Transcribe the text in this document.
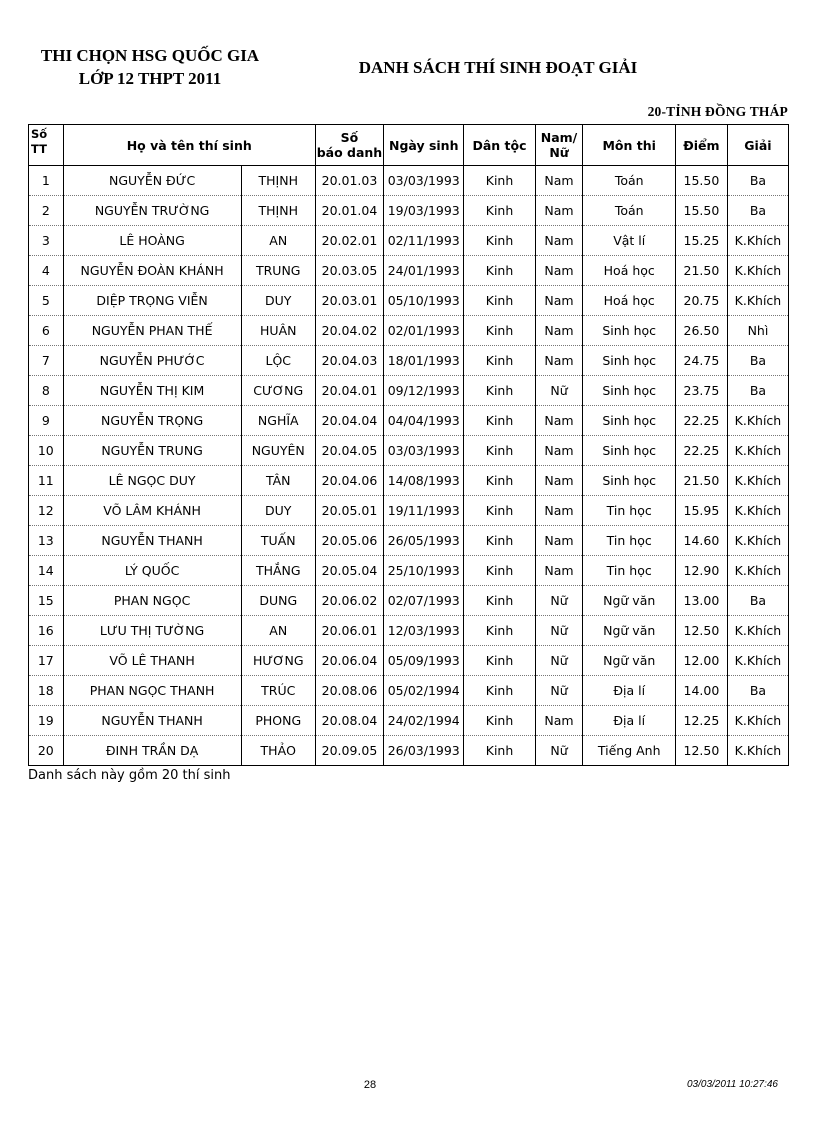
THI CHỌN HSG QUỐC GIA
LỚP 12 THPT 2011
DANH SÁCH THÍ SINH ĐOẠT GIẢI
20-TỈNH ĐỒNG THÁP
Số TT	Họ và tên thí sinh		Số
báo danh	Ngày sinh	Dân tộc	Nam/
Nữ	Môn thi	Điểm	Giải
1	NGUYỄN ĐỨC	THỊNH	20.01.03	03/03/1993	Kinh	Nam	Toán	15.50	Ba
2	NGUYỄN TRƯỜNG	THỊNH	20.01.04	19/03/1993	Kinh	Nam	Toán	15.50	Ba
3	LÊ HOÀNG	AN	20.02.01	02/11/1993	Kinh	Nam	Vật lí	15.25	K.Khích
4	NGUYỄN ĐOÀN KHÁNH	TRUNG	20.03.05	24/01/1993	Kinh	Nam	Hoá học	21.50	K.Khích
5	DIỆP TRỌNG VIỄN	DUY	20.03.01	05/10/1993	Kinh	Nam	Hoá học	20.75	K.Khích
6	NGUYỄN PHAN THẾ	HUÂN	20.04.02	02/01/1993	Kinh	Nam	Sinh học	26.50	Nhì
7	NGUYỄN PHƯỚC	LỘC	20.04.03	18/01/1993	Kinh	Nam	Sinh học	24.75	Ba
8	NGUYỄN THỊ KIM	CƯƠNG	20.04.01	09/12/1993	Kinh	Nữ	Sinh học	23.75	Ba
9	NGUYỄN TRỌNG	NGHĨA	20.04.04	04/04/1993	Kinh	Nam	Sinh học	22.25	K.Khích
10	NGUYỄN TRUNG	NGUYÊN	20.04.05	03/03/1993	Kinh	Nam	Sinh học	22.25	K.Khích
11	LÊ NGỌC DUY	TÂN	20.04.06	14/08/1993	Kinh	Nam	Sinh học	21.50	K.Khích
12	VÕ LÂM KHÁNH	DUY	20.05.01	19/11/1993	Kinh	Nam	Tin học	15.95	K.Khích
13	NGUYỄN THANH	TUẤN	20.05.06	26/05/1993	Kinh	Nam	Tin học	14.60	K.Khích
14	LÝ QUỐC	THẮNG	20.05.04	25/10/1993	Kinh	Nam	Tin học	12.90	K.Khích
15	PHAN NGỌC	DUNG	20.06.02	02/07/1993	Kinh	Nữ	Ngữ văn	13.00	Ba
16	LƯU THỊ TƯỜNG	AN	20.06.01	12/03/1993	Kinh	Nữ	Ngữ văn	12.50	K.Khích
17	VÕ LÊ THANH	HƯƠNG	20.06.04	05/09/1993	Kinh	Nữ	Ngữ văn	12.00	K.Khích
18	PHAN NGỌC THANH	TRÚC	20.08.06	05/02/1994	Kinh	Nữ	Địa lí	14.00	Ba
19	NGUYỄN THANH	PHONG	20.08.04	24/02/1994	Kinh	Nam	Địa lí	12.25	K.Khích
20	ĐINH TRẦN DẠ	THẢO	20.09.05	26/03/1993	Kinh	Nữ	Tiếng Anh	12.50	K.Khích
Danh sách này gồm 20 thí sinh
28	03/03/2011 10:27:46
